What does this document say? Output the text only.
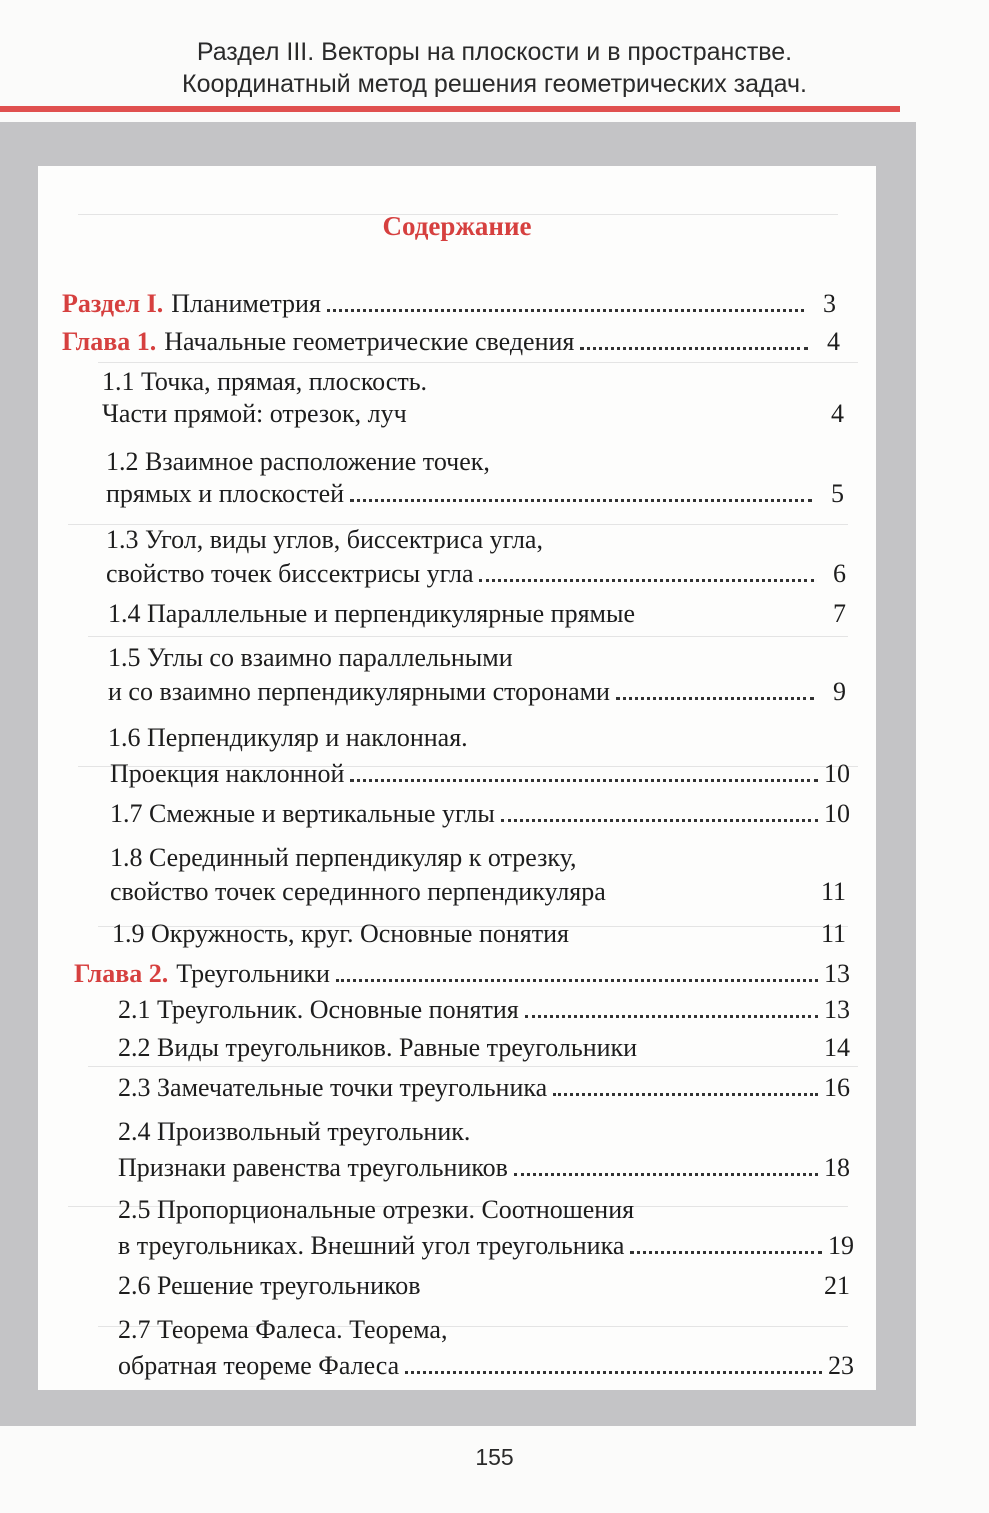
Раздел III. Векторы на плоскости и в пространстве.
Координатный метод решения геометрических задач.
Содержание
Раздел I. Планиметрия	3
Глава 1. Начальные геометрические сведения	4
1.1 Точка, прямая, плоскость.
Части прямой: отрезок, луч	4
1.2 Взаимное расположение точек,
прямых и плоскостей	5
1.3 Угол, виды углов, биссектриса угла,
свойство точек биссектрисы угла	6
1.4 Параллельные и перпендикулярные прямые	7
1.5 Углы со взаимно параллельными
и со взаимно перпендикулярными сторонами	9
1.6 Перпендикуляр и наклонная.
Проекция наклонной	10
1.7 Смежные и вертикальные углы	10
1.8 Серединный перпендикуляр к отрезку,
свойство точек серединного перпендикуляра	11
1.9 Окружность, круг. Основные понятия	11
Глава 2. Треугольники	13
2.1 Треугольник. Основные понятия	13
2.2 Виды треугольников. Равные треугольники	14
2.3 Замечательные точки треугольника	16
2.4 Произвольный треугольник.
Признаки равенства треугольников	18
2.5 Пропорциональные отрезки. Соотношения
в треугольниках. Внешний угол треугольника	19
2.6 Решение треугольников	21
2.7 Теорема Фалеса. Теорема,
обратная теореме Фалеса	23
155
